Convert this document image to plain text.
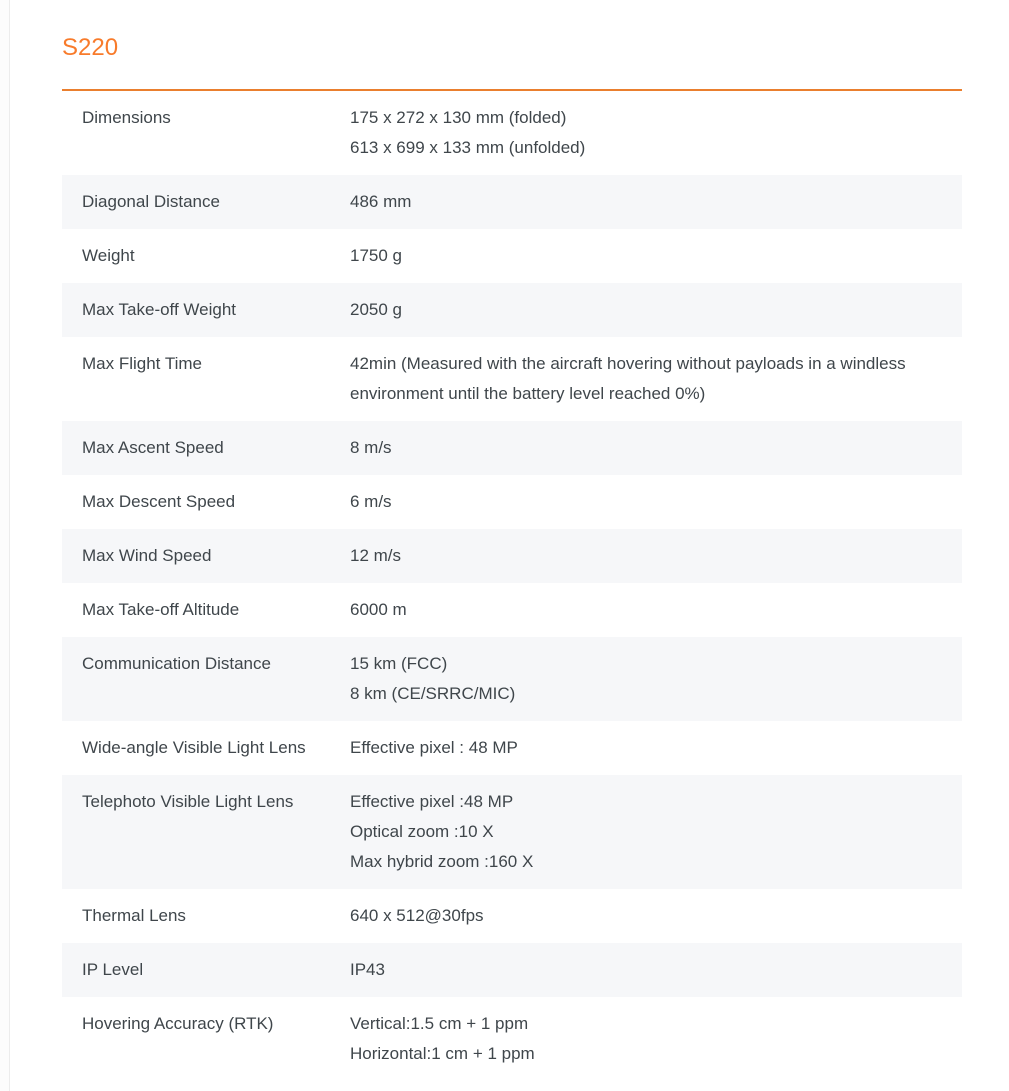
S220
Dimensions	175 x 272 x 130 mm (folded)
613 x 699 x 133 mm (unfolded)
Diagonal Distance	486 mm
Weight	1750 g
Max Take-off Weight	2050 g
Max Flight Time	42min (Measured with the aircraft hovering without payloads in a windless environment until the battery level reached 0%)
Max Ascent Speed	8 m/s
Max Descent Speed	6 m/s
Max Wind Speed	12 m/s
Max Take-off Altitude	6000 m
Communication Distance	15 km (FCC)
8 km (CE/SRRC/MIC)
Wide-angle Visible Light Lens	Effective pixel : 48 MP
Telephoto Visible Light Lens	Effective pixel :48 MP
Optical zoom :10 X
Max hybrid zoom :160 X
Thermal Lens	640 x 512@30fps
IP Level	IP43
Hovering Accuracy (RTK)	Vertical:1.5 cm + 1 ppm
Horizontal:1 cm + 1 ppm
